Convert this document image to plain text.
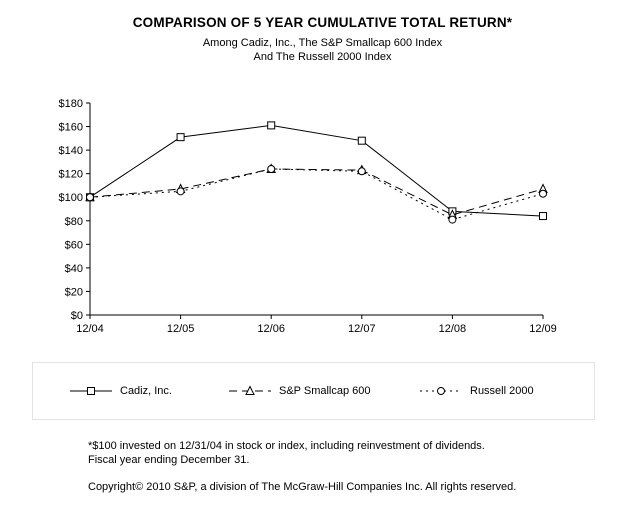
COMPARISON OF 5 YEAR CUMULATIVE TOTAL RETURN*
Among Cadiz, Inc., The S&P Smallcap 600 Index
And The Russell 2000 Index
$0
$20
$40
$60
$80
$100
$120
$140
$160
$180
12/04	12/05	12/06	12/07	12/08	12/09
Cadiz, Inc.	S&P Smallcap 600	Russell 2000
*$100 invested on 12/31/04 in stock or index, including reinvestment of dividends.
Fiscal year ending December 31.
Copyright© 2010 S&P, a division of The McGraw-Hill Companies Inc. All rights reserved.
